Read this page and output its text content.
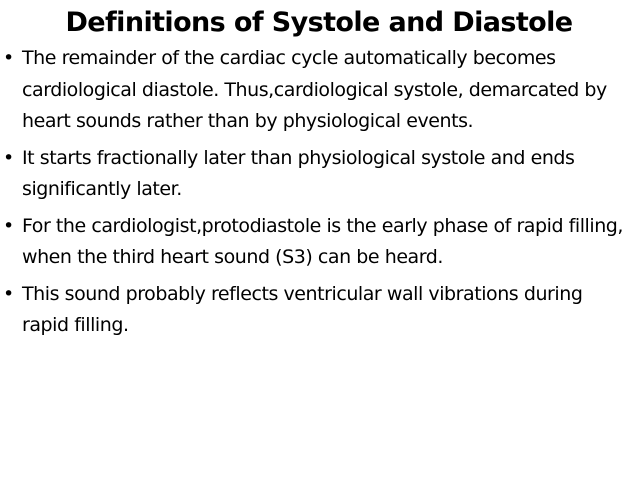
Definitions of Systole and Diastole
• The remainder of the cardiac cycle automatically becomes cardiological diastole. Thus,cardiological systole, demarcated by heart sounds rather than by physiological events.
• It starts fractionally later than physiological systole and ends significantly later.
• For the cardiologist,protodiastole is the early phase of rapid filling, when the third heart sound (S3) can be heard.
• This sound probably reflects ventricular wall vibrations during rapid filling.
